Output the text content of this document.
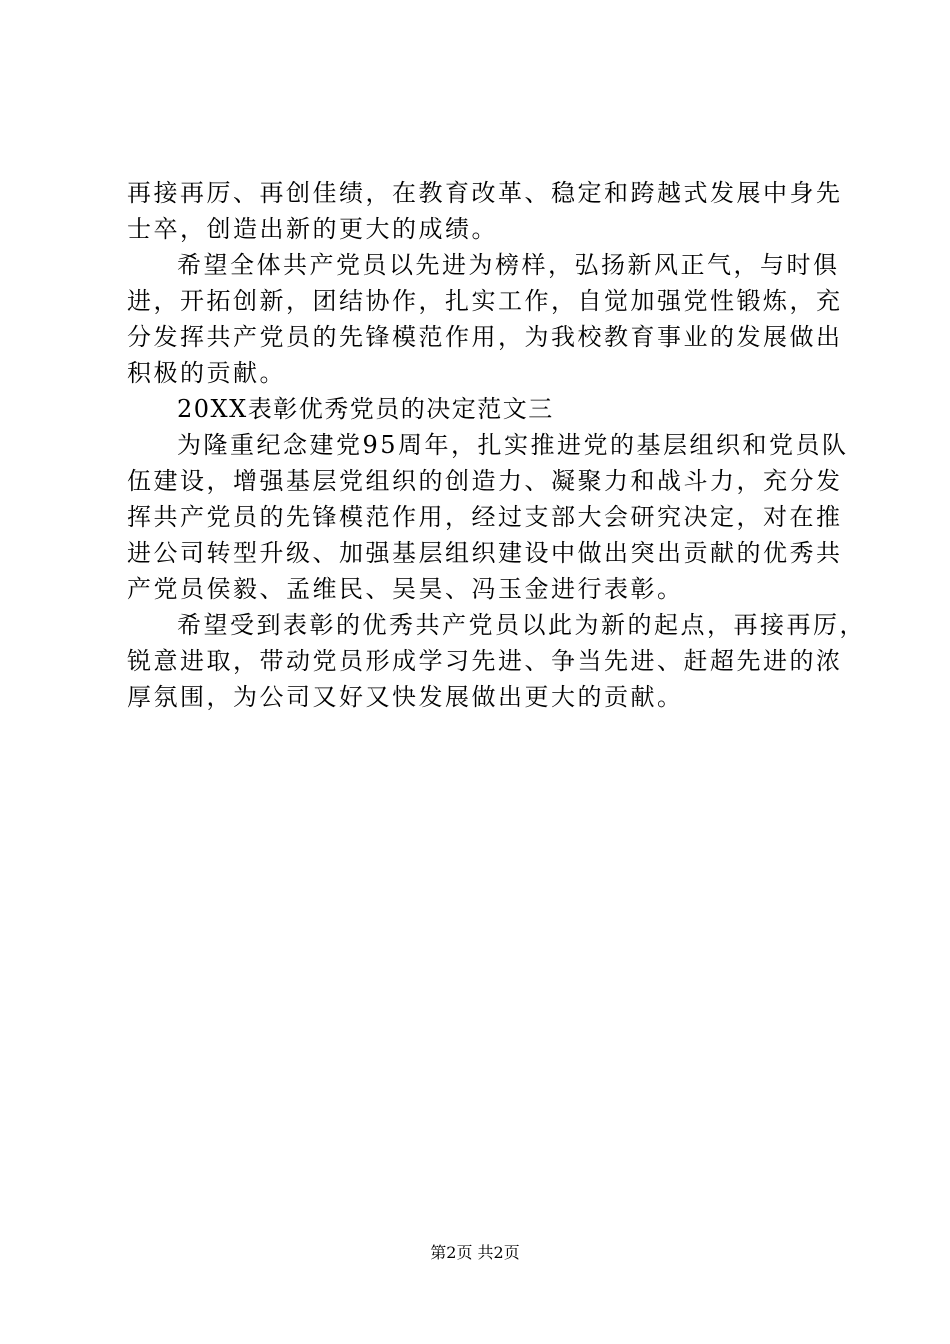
再接再厉、再创佳绩，在教育改革、稳定和跨越式发展中身先
士卒，创造出新的更大的成绩。
希望全体共产党员以先进为榜样，弘扬新风正气，与时俱
进，开拓创新，团结协作，扎实工作，自觉加强党性锻炼，充
分发挥共产党员的先锋模范作用，为我校教育事业的发展做出
积极的贡献。
20XX表彰优秀党员的决定范文三
为隆重纪念建党95周年，扎实推进党的基层组织和党员队
伍建设，增强基层党组织的创造力、凝聚力和战斗力，充分发
挥共产党员的先锋模范作用，经过支部大会研究决定，对在推
进公司转型升级、加强基层组织建设中做出突出贡献的优秀共
产党员侯毅、孟维民、吴昊、冯玉金进行表彰。
希望受到表彰的优秀共产党员以此为新的起点，再接再厉，
锐意进取，带动党员形成学习先进、争当先进、赶超先进的浓
厚氛围，为公司又好又快发展做出更大的贡献。
第2页 共2页
